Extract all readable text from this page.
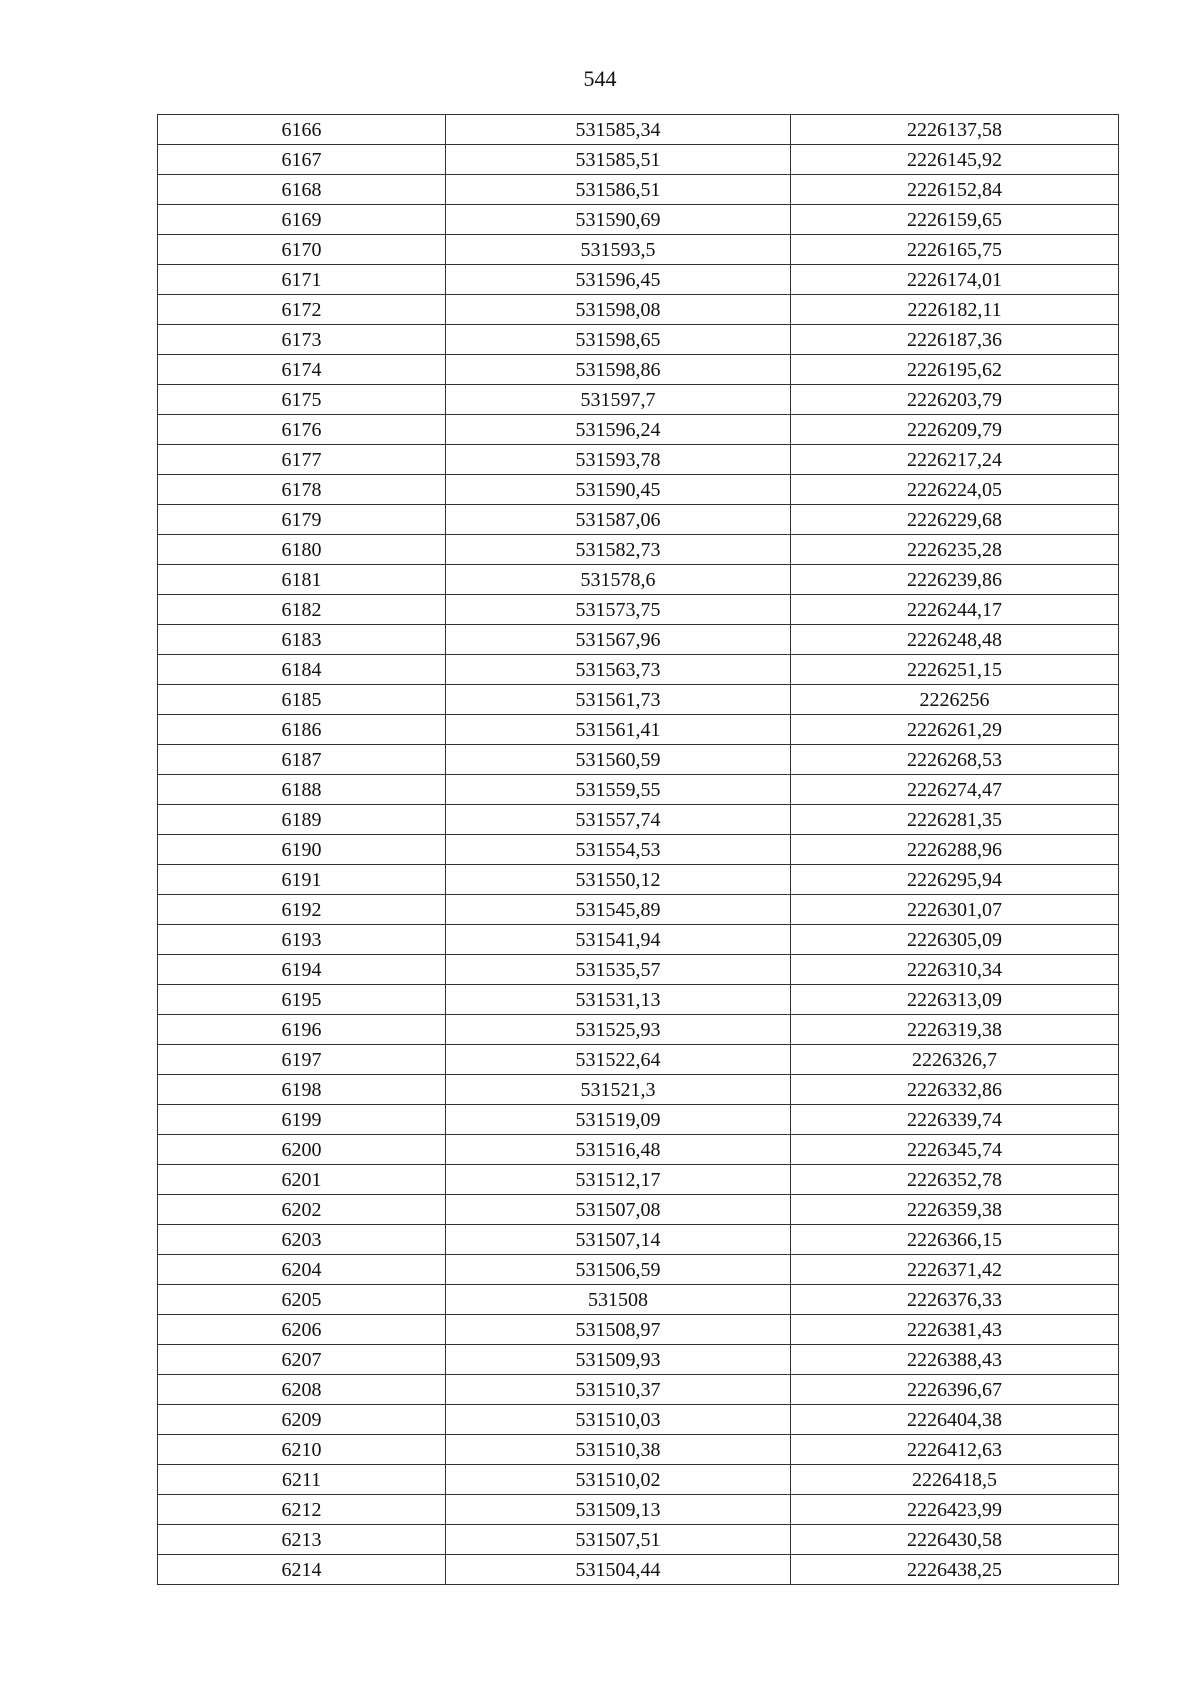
544
6166	531585,34	2226137,58
6167	531585,51	2226145,92
6168	531586,51	2226152,84
6169	531590,69	2226159,65
6170	531593,5	2226165,75
6171	531596,45	2226174,01
6172	531598,08	2226182,11
6173	531598,65	2226187,36
6174	531598,86	2226195,62
6175	531597,7	2226203,79
6176	531596,24	2226209,79
6177	531593,78	2226217,24
6178	531590,45	2226224,05
6179	531587,06	2226229,68
6180	531582,73	2226235,28
6181	531578,6	2226239,86
6182	531573,75	2226244,17
6183	531567,96	2226248,48
6184	531563,73	2226251,15
6185	531561,73	2226256
6186	531561,41	2226261,29
6187	531560,59	2226268,53
6188	531559,55	2226274,47
6189	531557,74	2226281,35
6190	531554,53	2226288,96
6191	531550,12	2226295,94
6192	531545,89	2226301,07
6193	531541,94	2226305,09
6194	531535,57	2226310,34
6195	531531,13	2226313,09
6196	531525,93	2226319,38
6197	531522,64	2226326,7
6198	531521,3	2226332,86
6199	531519,09	2226339,74
6200	531516,48	2226345,74
6201	531512,17	2226352,78
6202	531507,08	2226359,38
6203	531507,14	2226366,15
6204	531506,59	2226371,42
6205	531508	2226376,33
6206	531508,97	2226381,43
6207	531509,93	2226388,43
6208	531510,37	2226396,67
6209	531510,03	2226404,38
6210	531510,38	2226412,63
6211	531510,02	2226418,5
6212	531509,13	2226423,99
6213	531507,51	2226430,58
6214	531504,44	2226438,25
